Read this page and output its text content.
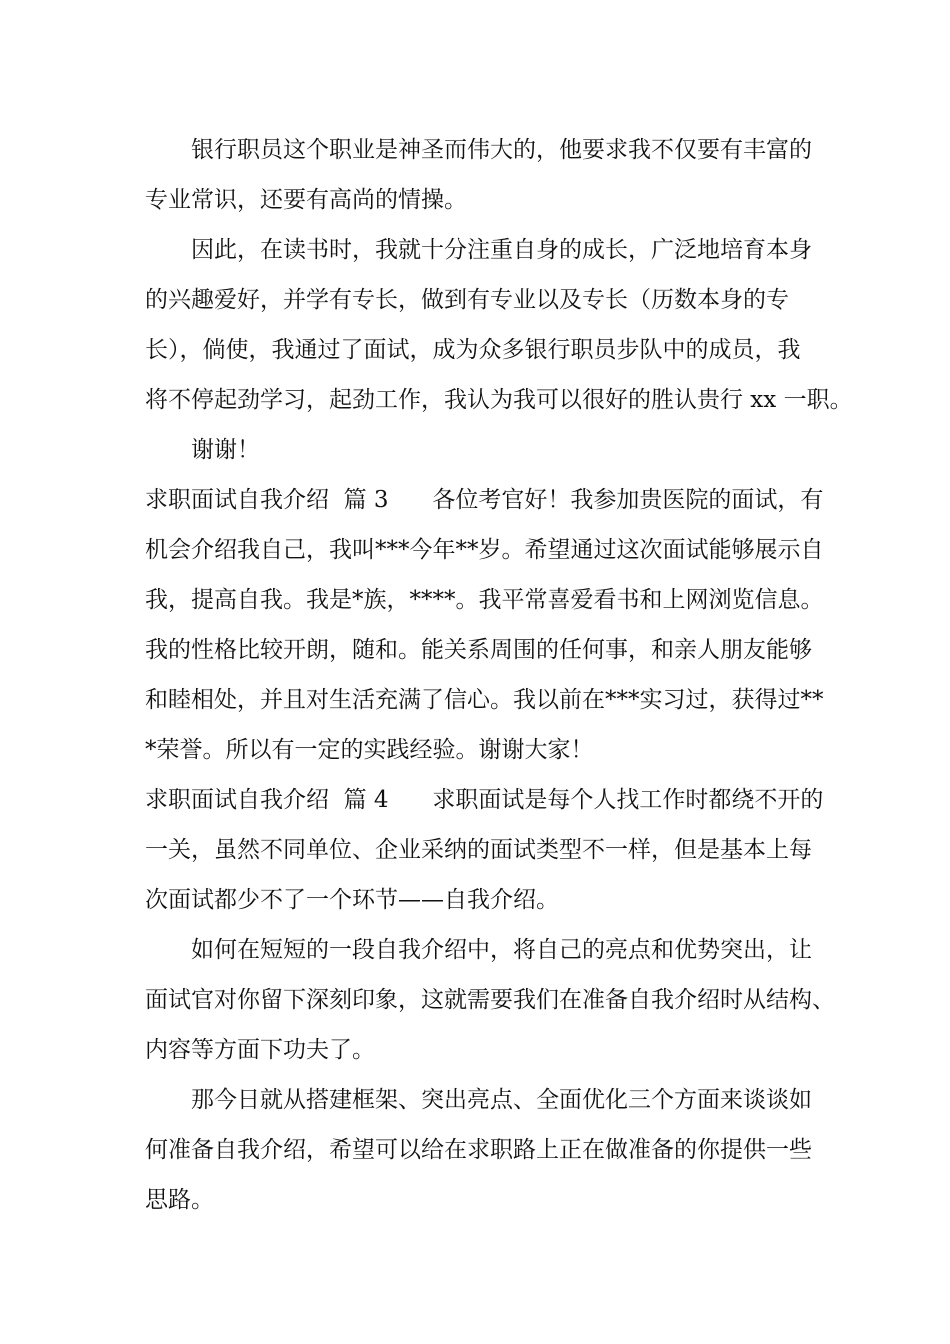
银行职员这个职业是神圣而伟大的，他要求我不仅要有丰富的
专业常识，还要有高尚的情操。
因此，在读书时，我就十分注重自身的成长，广泛地培育本身
的兴趣爱好，并学有专长，做到有专业以及专长（历数本身的专
长），倘使，我通过了面试，成为众多银行职员步队中的成员，我
将不停起劲学习，起劲工作，我认为我可以很好的胜认贵行 xx 一职。
谢谢！
求职面试自我介绍  篇 3      各位考官好！我参加贵医院的面试，有
机会介绍我自己，我叫***今年**岁。希望通过这次面试能够展示自
我，提高自我。我是*族，****。我平常喜爱看书和上网浏览信息。
我的性格比较开朗，随和。能关系周围的任何事，和亲人朋友能够
和睦相处，并且对生活充满了信心。我以前在***实习过，获得过**
*荣誉。所以有一定的实践经验。谢谢大家！
求职面试自我介绍  篇 4      求职面试是每个人找工作时都绕不开的
一关，虽然不同单位、企业采纳的面试类型不一样，但是基本上每
次面试都少不了一个环节——自我介绍。
如何在短短的一段自我介绍中，将自己的亮点和优势突出，让
面试官对你留下深刻印象，这就需要我们在准备自我介绍时从结构、
内容等方面下功夫了。
那今日就从搭建框架、突出亮点、全面优化三个方面来谈谈如
何准备自我介绍，希望可以给在求职路上正在做准备的你提供一些
思路。
